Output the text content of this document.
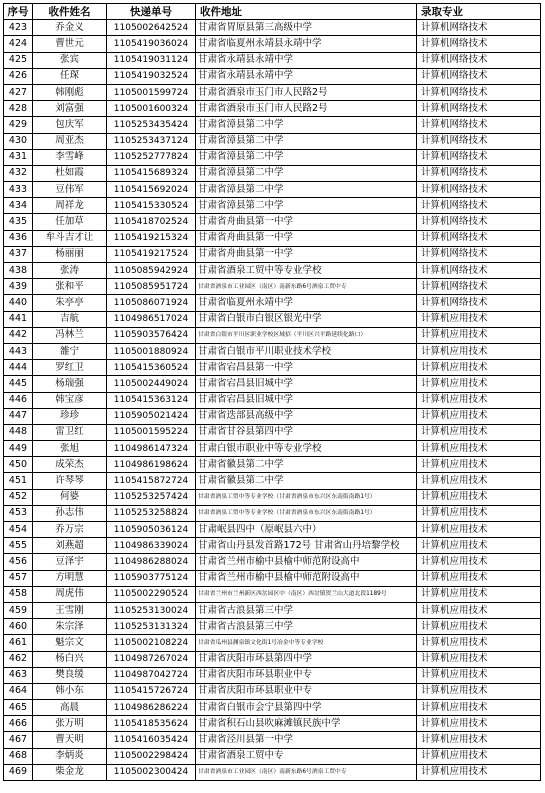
序号	收件姓名	快递单号	收件地址	录取专业
423	乔金义	1105002642524	甘肃省胃原县第三高级中学	计算机网络技术
424	曹世元	1105419036024	甘肃省临夏州永靖县永靖中学	计算机网络技术
425	张宾	1105419031124	甘肃省永靖县永靖中学	计算机网络技术
426	任琛	1105419032524	甘肃省永靖县永靖中学	计算机网络技术
427	韩刚彪	1105001599724	甘肃省酒泉市玉门市人民路2号	计算机网络技术
428	刘富强	1105001600324	甘肃省酒泉市玉门市人民路2号	计算机网络技术
429	包庆军	1105253435424	甘肃省漳县第二中学	计算机网络技术
430	周亚杰	1105253437124	甘肃省漳县第二中学	计算机网络技术
431	李雪峰	1105252777824	甘肃省漳县第二中学	计算机网络技术
432	杜如霞	1105415689324	甘肃省漳县第二中学	计算机网络技术
433	豆伟军	1105415692024	甘肃省漳县第二中学	计算机网络技术
434	周祥龙	1105415330524	甘肃省漳县第二中学	计算机网络技术
435	任加草	1105418702524	甘肃省舟曲县第一中学	计算机网络技术
436	牟斗吉才让	1105419215324	甘肃省舟曲县第一中学	计算机网络技术
437	杨丽丽	1105419217524	甘肃省舟曲县第一中学	计算机网络技术
438	张涛	1105085942924	甘肃省酒泉工贸中等专业学校	计算机网络技术
439	张和平	1105085951724	甘肃省酒泉市工业园区（南区）南新东路6号酒泉工贸中专	计算机网络技术
440	朱亭亭	1105086071924	甘肃省临夏州永靖中学	计算机网络技术
441	吉航	1104986517024	甘肃省白银市白银区银光中学	计算机应用技术
442	冯林兰	1105903576424	甘肃省白银市平川区职业学校区域招（平川区兴平路延续化路口）	计算机应用技术
443	雒宁	1105001880924	甘肃省白银市平川职业技术学校	计算机应用技术
444	罗红卫	1105415360524	甘肃省宕昌县第一中学	计算机应用技术
445	杨瑞强	1105002449024	甘肃省宕昌县旧城中学	计算机应用技术
446	韩宝彦	1105415363124	甘肃省宕昌县旧城中学	计算机应用技术
447	珍珍	1105905021424	甘肃省迭部县高级中学	计算机应用技术
448	雷卫红	1105001595224	甘肃省甘谷县第四中学	计算机应用技术
449	张旭	1104986147324	甘肃白银市职业中等专业学校	计算机应用技术
450	成荣杰	1104986198624	甘肃省徽县第二中学	计算机应用技术
451	许琴琴	1105415872724	甘肃省徽县第二中学	计算机应用技术
452	何婆	1105253257424	甘肃省酒泉工贸中等专业学校（甘肃省酒泉市东兴区东南街南路1号）	计算机应用技术
453	孙志伟	1105253258824	甘肃省酒泉工贸中等专业学校（甘肃省酒泉市东兴区东南街南路1号）	计算机应用技术
454	乔万宗	1105905036124	甘肃岷县四中（原岷县六中）	计算机应用技术
455	刘燕超	1104986339024	甘肃省山丹县发首路172号 甘肃省山丹培黎学校	计算机应用技术
456	豆泽宇	1104986288024	甘肃省兰州市榆中县榆中师范附设高中	计算机应用技术
457	方明慧	1105903775124	甘肃省兰州市榆中县榆中师范附设高中	计算机应用技术
458	周虎伟	1105002290524	甘肃省兰州市兰州新区西岔园区中（南区）西岔镇贺兰山大道北段1189号	计算机应用技术
459	王雪刚	1105253130024	甘肃省古浪县第三中学	计算机应用技术
460	朱宗泽	1105253131324	甘肃省古浪县第三中学	计算机应用技术
461	魁宗文	1105002108224	甘肃省瓜州县渊泉镇文化街1号冶金中等专业学校	计算机应用技术
462	杨白兴	1104987267024	甘肃省庆阳市环县第四中学	计算机应用技术
463	樊良缓	1104987042724	甘肃省庆阳市环县职业中专	计算机应用技术
464	韩小东	1105415726724	甘肃省庆阳市环县职业中专	计算机应用技术
465	高晨	1104986286224	甘肃省白银市会宁县第四中学	计算机应用技术
466	张万明	1105418535624	甘肃省积石山县吹麻滩镇民族中学	计算机应用技术
467	曹天明	1105416035424	甘肃省泾川县第一中学	计算机应用技术
468	李炳炎	1105002298424	甘肃省酒泉工贸中专	计算机应用技术
469	柴金龙	1105002300424	甘肃省酒泉市工业园区（南区）南新东路6号酒泉工贸中专	计算机应用技术
